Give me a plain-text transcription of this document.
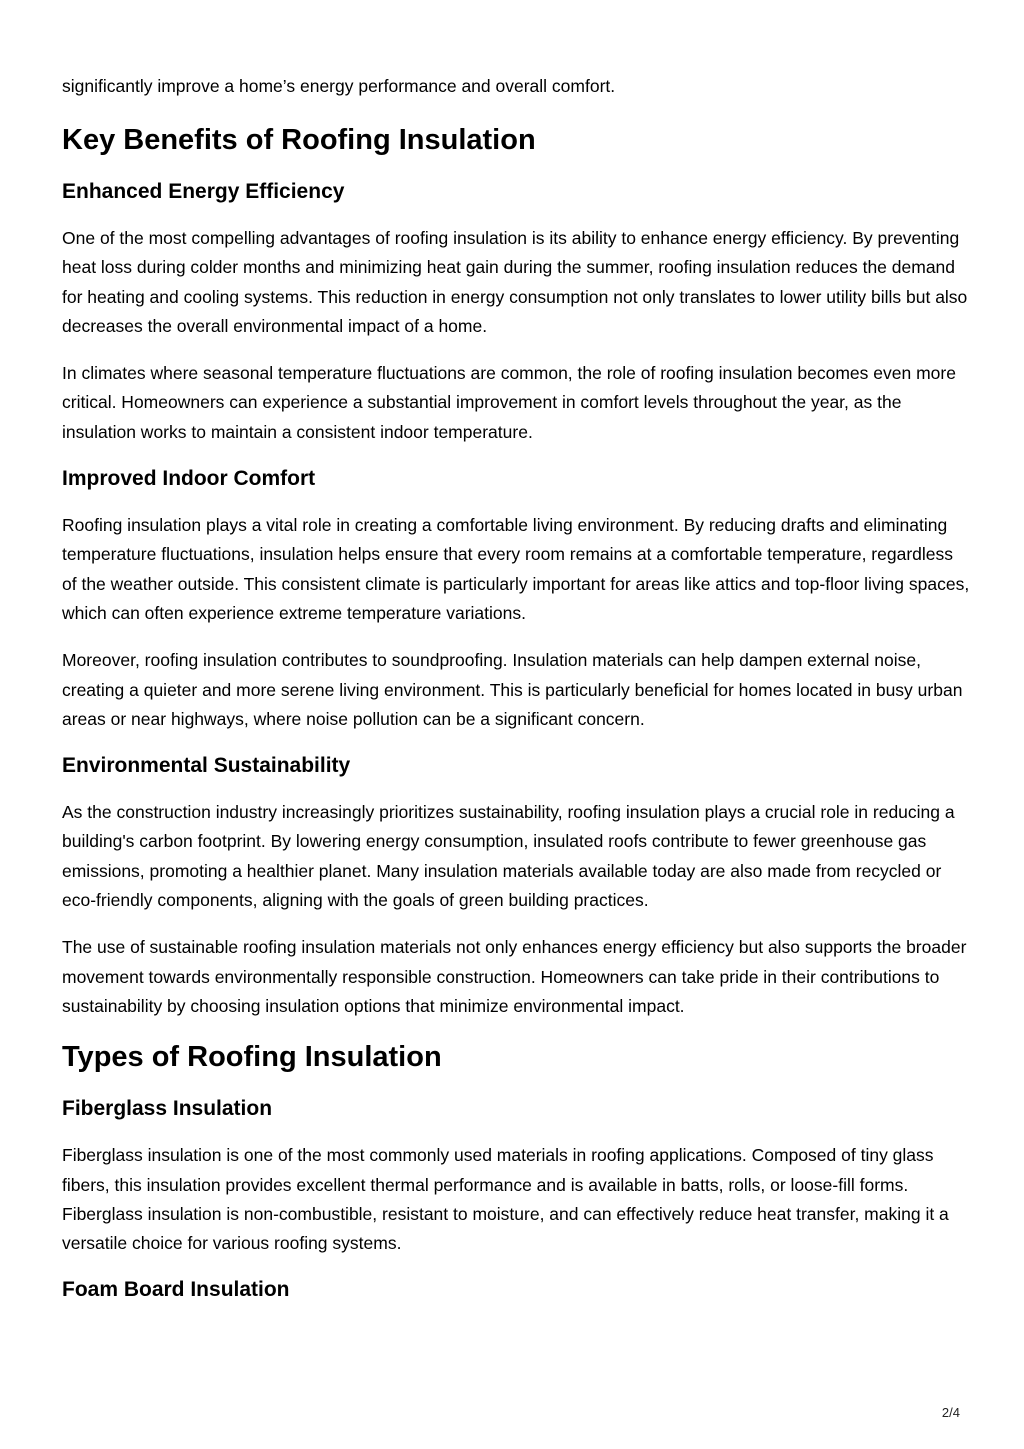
significantly improve a home’s energy performance and overall comfort.

Key Benefits of Roofing Insulation
Enhanced Energy Efficiency

One of the most compelling advantages of roofing insulation is its ability to enhance energy efficiency. By preventing heat loss during colder months and minimizing heat gain during the summer, roofing insulation reduces the demand for heating and cooling systems. This reduction in energy consumption not only translates to lower utility bills but also decreases the overall environmental impact of a home.

In climates where seasonal temperature fluctuations are common, the role of roofing insulation becomes even more critical. Homeowners can experience a substantial improvement in comfort levels throughout the year, as the insulation works to maintain a consistent indoor temperature.

Improved Indoor Comfort

Roofing insulation plays a vital role in creating a comfortable living environment. By reducing drafts and eliminating temperature fluctuations, insulation helps ensure that every room remains at a comfortable temperature, regardless of the weather outside. This consistent climate is particularly important for areas like attics and top-floor living spaces, which can often experience extreme temperature variations.

Moreover, roofing insulation contributes to soundproofing. Insulation materials can help dampen external noise, creating a quieter and more serene living environment. This is particularly beneficial for homes located in busy urban areas or near highways, where noise pollution can be a significant concern.

Environmental Sustainability

As the construction industry increasingly prioritizes sustainability, roofing insulation plays a crucial role in reducing a building's carbon footprint. By lowering energy consumption, insulated roofs contribute to fewer greenhouse gas emissions, promoting a healthier planet. Many insulation materials available today are also made from recycled or eco-friendly components, aligning with the goals of green building practices.

The use of sustainable roofing insulation materials not only enhances energy efficiency but also supports the broader movement towards environmentally responsible construction. Homeowners can take pride in their contributions to sustainability by choosing insulation options that minimize environmental impact.

Types of Roofing Insulation
Fiberglass Insulation

Fiberglass insulation is one of the most commonly used materials in roofing applications. Composed of tiny glass fibers, this insulation provides excellent thermal performance and is available in batts, rolls, or loose-fill forms. Fiberglass insulation is non-combustible, resistant to moisture, and can effectively reduce heat transfer, making it a versatile choice for various roofing systems.

Foam Board Insulation
2/4
